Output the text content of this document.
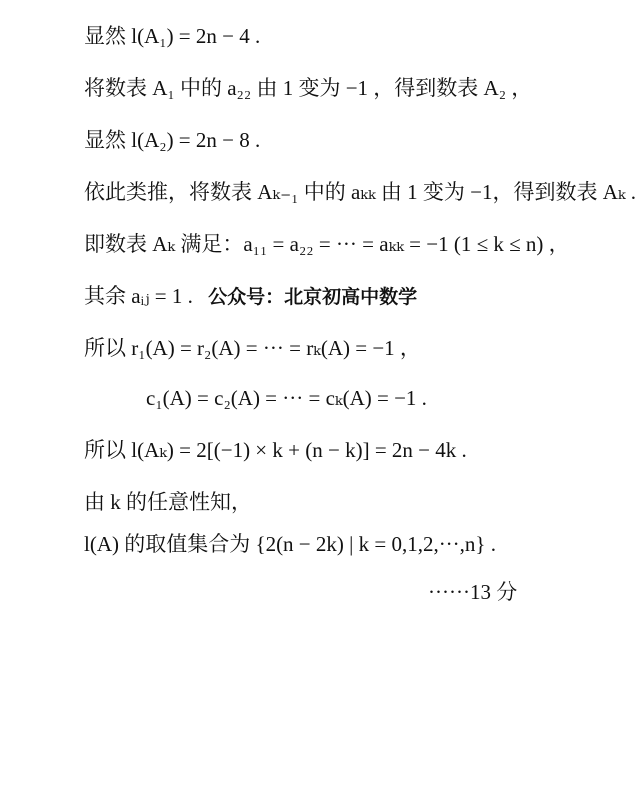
显然 l(A₁) = 2n − 4 .
将数表 A₁ 中的 a₂₂ 由 1 变为 −1 ，得到数表 A₂ ，
显然 l(A₂) = 2n − 8 .
依此类推，将数表 Aₖ₋₁ 中的 aₖₖ 由 1 变为 −1，得到数表 Aₖ .
即数表 Aₖ 满足：a₁₁ = a₂₂ = ··· = aₖₖ = −1 (1 ≤ k ≤ n) ，
其余 aᵢⱼ = 1 . 公众号：北京初高中数学
所以 r₁(A) = r₂(A) = ··· = rₖ(A) = −1 ，
c₁(A) = c₂(A) = ··· = cₖ(A) = −1 .
所以 l(Aₖ) = 2[(−1) × k + (n − k)] = 2n − 4k .
由 k 的任意性知，
l(A) 的取值集合为 {2(n − 2k) | k = 0,1,2,···,n} .
······13 分
